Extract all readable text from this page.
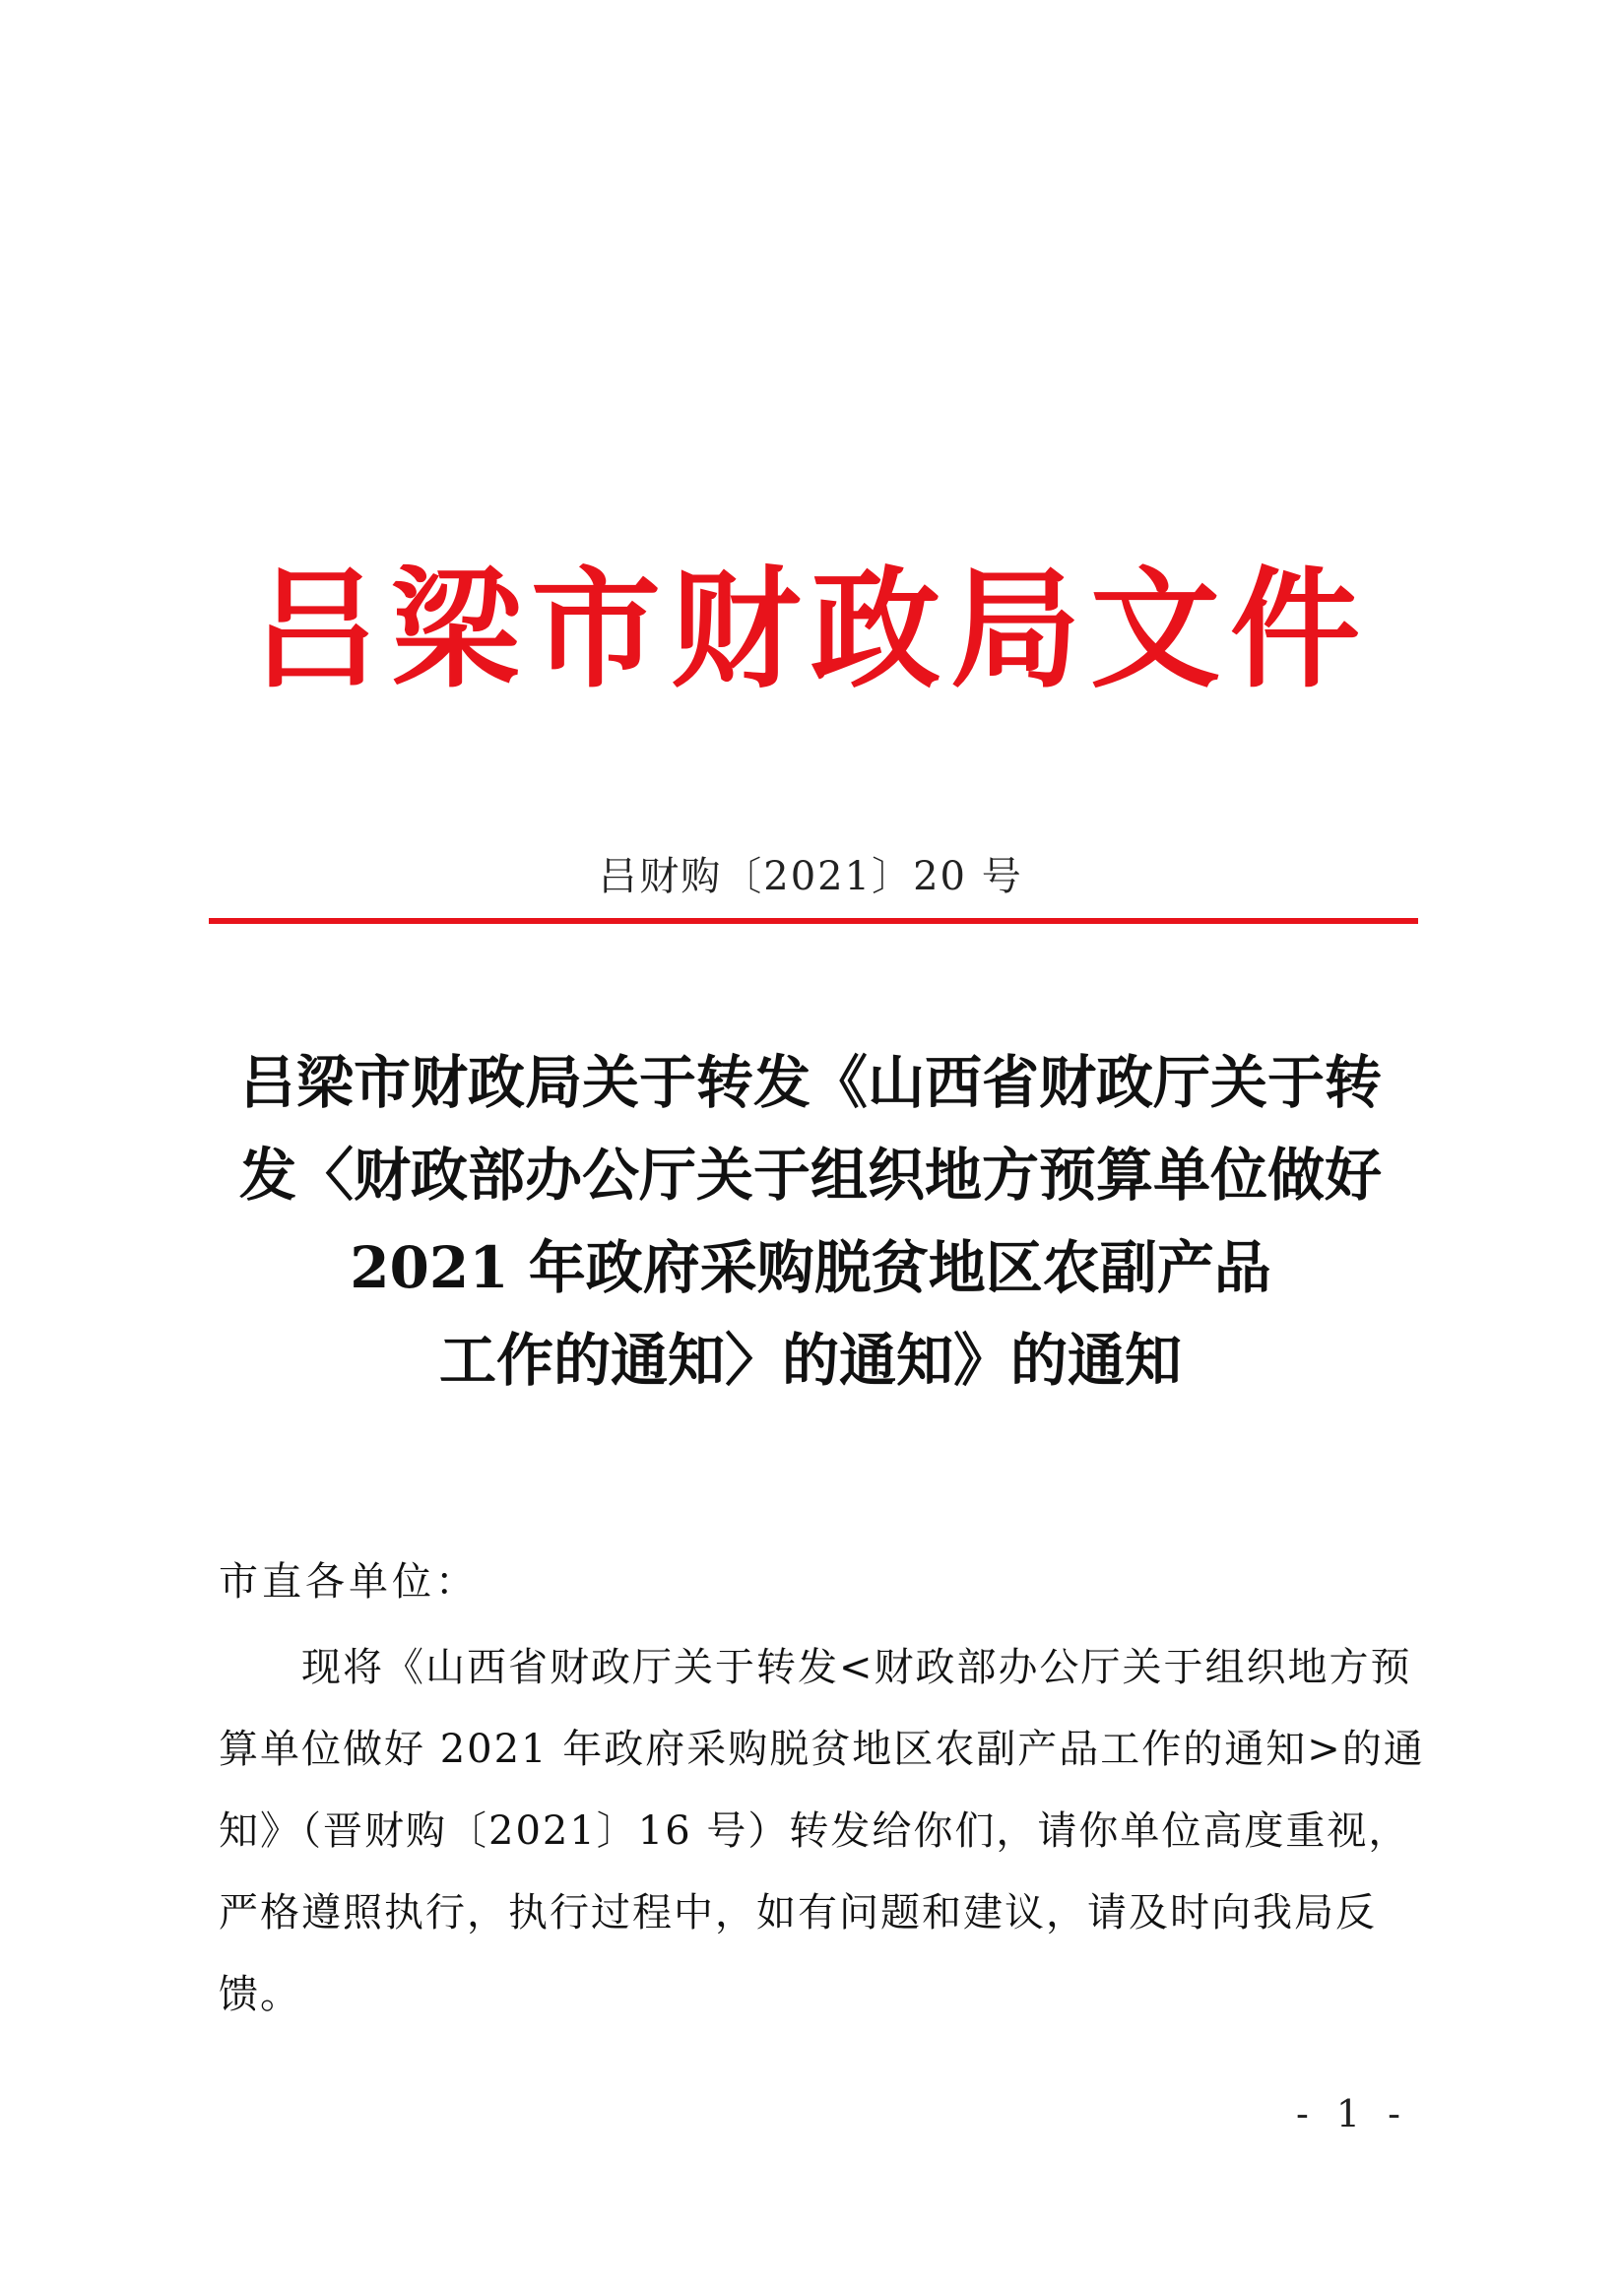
吕梁市财政局文件
吕财购〔2021〕20 号
吕梁市财政局关于转发《山西省财政厅关于转
发〈财政部办公厅关于组织地方预算单位做好
2021 年政府采购脱贫地区农副产品
工作的通知〉的通知》的通知
市直各单位：
现将《山西省财政厅关于转发<财政部办公厅关于组织地方预
算单位做好 2021 年政府采购脱贫地区农副产品工作的通知>的通
知》（晋财购〔2021〕16 号）转发给你们，请你单位高度重视，
严格遵照执行，执行过程中，如有问题和建议，请及时向我局反
馈。
- 1 -
